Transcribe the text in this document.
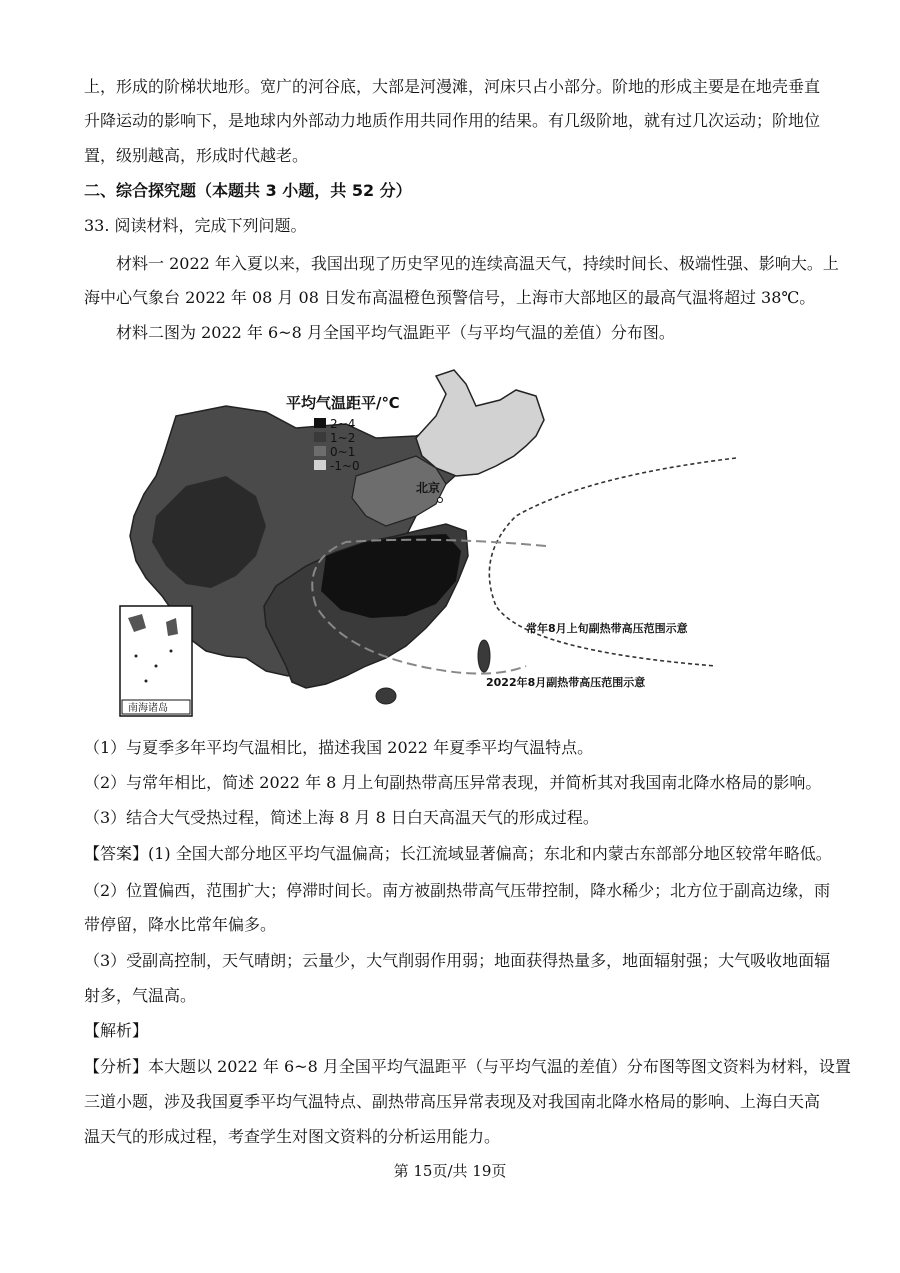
上，形成的阶梯状地形。宽广的河谷底，大部是河漫滩，河床只占小部分。阶地的形成主要是在地壳垂直
升降运动的影响下，是地球内外部动力地质作用共同作用的结果。有几级阶地，就有过几次运动；阶地位
置，级别越高，形成时代越老。
二、综合探究题（本题共 3 小题，共 52 分）
33. 阅读材料，完成下列问题。
材料一 2022 年入夏以来，我国出现了历史罕见的连续高温天气，持续时间长、极端性强、影响大。上
海中心气象台 2022 年 08 月 08 日发布高温橙色预警信号，上海市大部地区的最高气温将超过 38℃。
材料二图为 2022 年 6~8 月全国平均气温距平（与平均气温的差值）分布图。
平均气温距平/℃
2~4
1~2
0~1
-1~0
北京
常年8月上旬副热带高压范围示意
2022年8月副热带高压范围示意
南海诸岛
（1）与夏季多年平均气温相比，描述我国 2022 年夏季平均气温特点。
（2）与常年相比，简述 2022 年 8 月上旬副热带高压异常表现，并简析其对我国南北降水格局的影响。
（3）结合大气受热过程，简述上海 8 月 8 日白天高温天气的形成过程。
【答案】(1) 全国大部分地区平均气温偏高；长江流域显著偏高；东北和内蒙古东部部分地区较常年略低。
（2）位置偏西，范围扩大；停滞时间长。南方被副热带高气压带控制，降水稀少；北方位于副高边缘，雨
带停留，降水比常年偏多。
（3）受副高控制，天气晴朗；云量少，大气削弱作用弱；地面获得热量多，地面辐射强；大气吸收地面辐
射多，气温高。
【解析】
【分析】本大题以 2022 年 6~8 月全国平均气温距平（与平均气温的差值）分布图等图文资料为材料，设置
三道小题，涉及我国夏季平均气温特点、副热带高压异常表现及对我国南北降水格局的影响、上海白天高
温天气的形成过程，考查学生对图文资料的分析运用能力。
第 15页/共 19页
